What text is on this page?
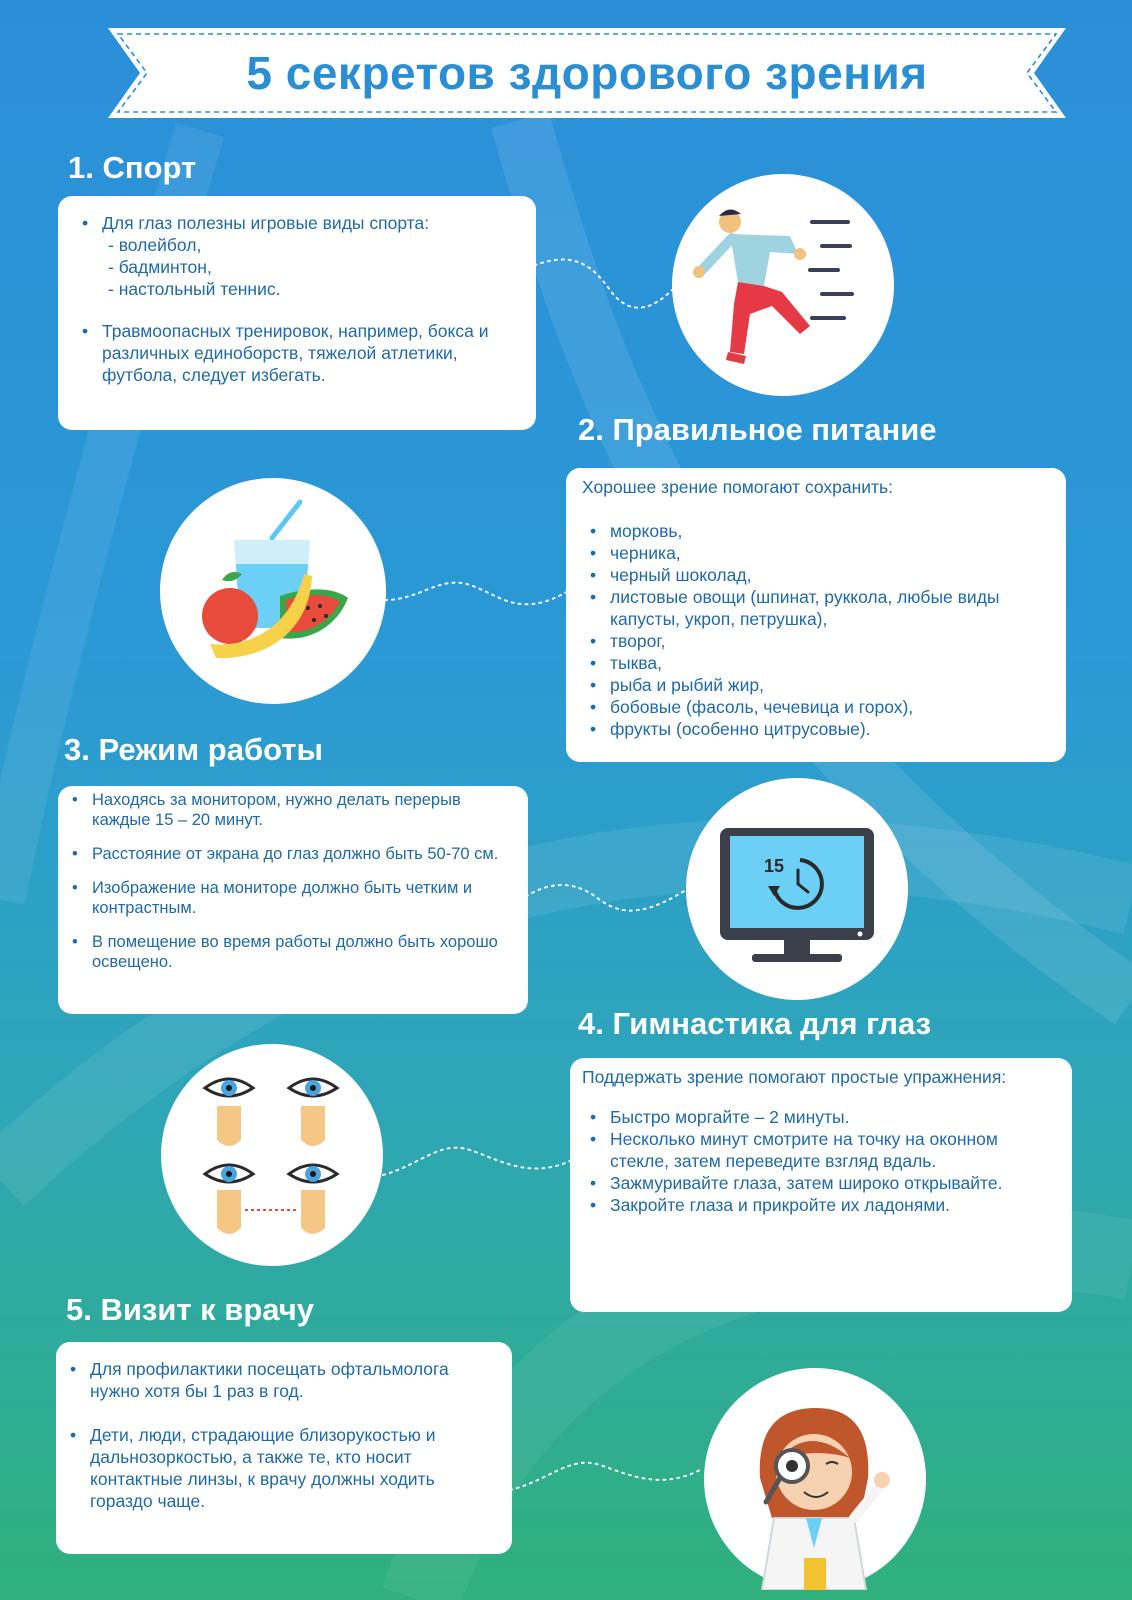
5 секретов здорового зрения
1. Спорт
• Для глаз полезны игровые виды спорта:
- волейбол,
- бадминтон,
- настольный теннис.
• Травмоопасных тренировок, например, бокса и различных единоборств, тяжелой атлетики, футбола, следует избегать.
2. Правильное питание

Хорошее зрение помогают сохранить:

• морковь,
• черника,
• черный шоколад,
• листовые овощи (шпинат, руккола, любые виды капусты, укроп, петрушка),
• творог,
• тыква,
• рыба и рыбий жир,
• бобовые (фасоль, чечевица и горох),
• фрукты (особенно цитрусовые).
3. Режим работы
• Находясь за монитором, нужно делать перерыв каждые 15 – 20 минут.
• Расстояние от экрана до глаз должно быть 50-70 см.
• Изображение на мониторе должно быть четким и контрастным.
• В помещение во время работы должно быть хорошо освещено.
15
4. Гимнастика для глаз

Поддержать зрение помогают простые упражнения:

• Быстро моргайте – 2 минуты.
• Несколько минут смотрите на точку на оконном стекле, затем переведите взгляд вдаль.
• Зажмуривайте глаза, затем широко открывайте.
• Закройте глаза и прикройте их ладонями.
5. Визит к врачу
• Для профилактики посещать офтальмолога нужно хотя бы 1 раз в год.
• Дети, люди, страдающие близорукостью и дальнозоркостью, а также те, кто носит контактные линзы, к врачу должны ходить гораздо чаще.
